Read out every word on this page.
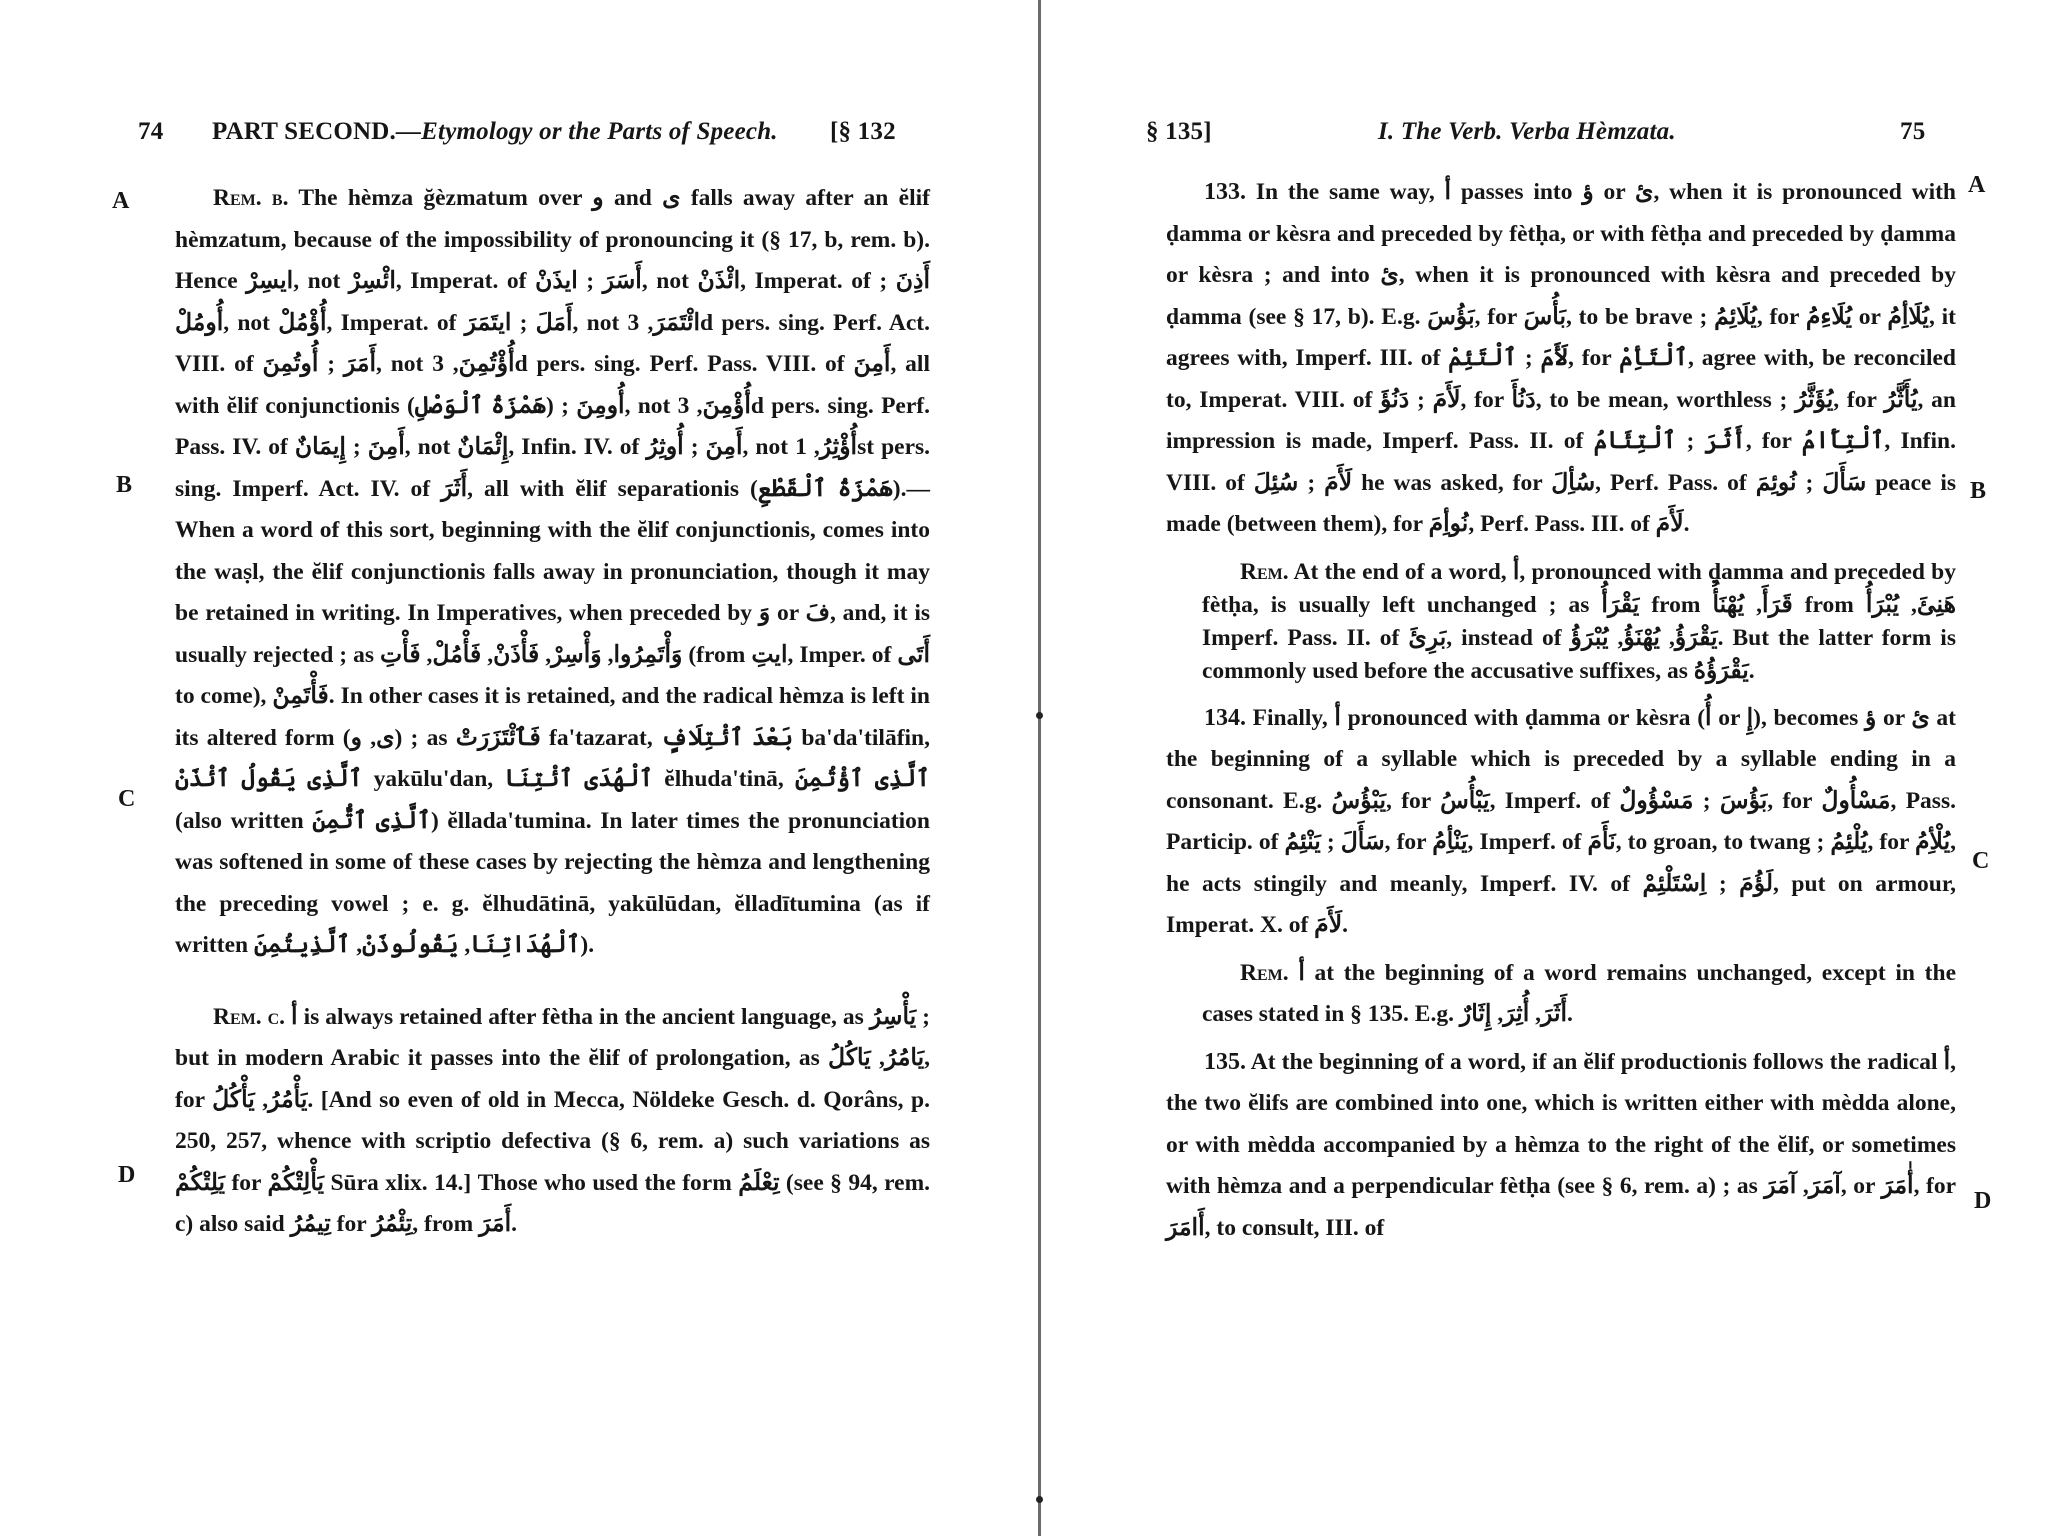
74 PART SECOND.—Etymology or the Parts of Speech. [§ 132
A
B
C
D

Rem. b. The hèmza ğèzmatum over و and ى falls away after an ĕlif hèmzatum, because of the impossibility of pronouncing it (§ 17, b, rem. b). Hence ايسِرْ, not ائْسِرْ, Imperat. of أَسَرَ ; ايذَنْ, not ائْذَنْ, Imperat. of أَذِنَ ; أُومُلْ, not أُؤْمُلْ, Imperat. of أَمَلَ ; ايتَمَرَ, not ائْتَمَرَ, 3d pers. sing. Perf. Act. VIII. of أَمَرَ ; أُوتُمِنَ, not أُؤْتُمِنَ, 3d pers. sing. Perf. Pass. VIII. of أَمِنَ, all with ĕlif conjunctionis (هَمْزَةُ ٱلْوَصْلِ) ; أُومِنَ, not أُؤْمِنَ, 3d pers. sing. Perf. Pass. IV. of أَمِنَ ; إِيمَانٌ, not إِئْمَانٌ, Infin. IV. of أَمِنَ ; أُوثِرُ, not أُؤْثِرُ, 1st pers. sing. Imperf. Act. IV. of أَثَرَ, all with ĕlif separationis (هَمْزَةُ ٱلْقَطْعِ).—When a word of this sort, beginning with the ĕlif conjunctionis, comes into the waṣl, the ĕlif conjunctionis falls away in pronunciation, though it may be retained in writing. In Imperatives, when preceded by وَ or فَ, and, it is usually rejected ; as وَأْتَمِرُوا, وَأْسِرْ, فَأْذَنْ, فَأْمُلْ, فَأْتِ (from ايتِ, Imper. of أَتَى to come), فَأْتَمِنْ. In other cases it is retained, and the radical hèmza is left in its altered form (ى, و) ; as فَٱئْتَزَرَتْ fa'tazarat, بَعْدَ ٱئْتِلَافٍ ba'da'tilāfin, ٱلَّذِى يَقُولُ ٱئْذَنْ yakūlu'dan, ٱلْهُدَى ٱئْتِنَا ĕlhuda'tinā, ٱلَّذِى ٱؤْتُمِنَ (also written ٱلَّذِى ٱتُّمِنَ) ĕllada'tumina. In later times the pronunciation was softened in some of these cases by rejecting the hèmza and lengthening the preceding vowel ; e. g. ĕlhudātinā, yakūlūdan, ĕlladītumina (as if written ٱلْهُدَاتِنَا, يَقُولُوذَنْ, ٱلَّذِيتُمِنَ).

Rem. c. أ is always retained after fètha in the ancient language, as يَأْسِرُ ; but in modern Arabic it passes into the ĕlif of prolongation, as يَامُرُ, يَاكُلُ, for يَأْمُرُ, يَأْكُلُ. [And so even of old in Mecca, Nöldeke Gesch. d. Qorâns, p. 250, 257, whence with scriptio defectiva (§ 6, rem. a) such variations as يَلِتْكُمْ for يَأْلِتْكُمْ Sūra xlix. 14.] Those who used the form تِعْلَمُ (see § 94, rem. c) also said تِيمُرُ for تِئْمُرُ, from أَمَرَ.

§ 135]	I. The Verb. Verba Hèmzata.	75
A
B
C
D

133. In the same way, أ passes into ؤ or ئ, when it is pronounced with ḍamma or kèsra and preceded by fètḥa, or with fètḥa and preceded by ḍamma or kèsra ; and into ئ, when it is pronounced with kèsra and preceded by ḍamma (see § 17, b). E.g. بَؤُسَ, for بَأُسَ, to be brave ; يُلَائِمُ, for يُلَاءِمُ or يُلَاأِمُ, it agrees with, Imperf. III. of لَأَمَ ; ٱلْتَئِمْ, for ٱلْتَأِمْ, agree with, be reconciled to, Imperat. VIII. of لَأَمَ ; دَنُؤَ, for دَنُأَ, to be mean, worthless ; يُؤَثَّرُ, for يُأَثَّرُ, an impression is made, Imperf. Pass. II. of أَثَرَ ; ٱلْتِئَامُ, for ٱلْتِأَامُ, Infin. VIII. of لَأَمَ ; سُئِلَ he was asked, for سُأِلَ, Perf. Pass. of سَأَلَ ; نُوئِمَ peace is made (between them), for نُوأِمَ, Perf. Pass. III. of لَأَمَ.

Rem. At the end of a word, أ, pronounced with ḍamma and preceded by fètḥa, is usually left unchanged ; as يَقْرَأُ from قَرَأَ, يُهْنَأُ from هَنِئَ, يُبْرَأُ Imperf. Pass. II. of بَرِئَ, instead of يَقْرَؤُ, يُهْنَؤُ, يُبْرَؤُ. But the latter form is commonly used before the accusative suffixes, as يَقْرَؤُهُ.

134. Finally, أ pronounced with ḍamma or kèsra (أُ or إِ), becomes ؤ or ئ at the beginning of a syllable which is preceded by a syllable ending in a consonant. E.g. يَبْؤُسُ, for يَبْأُسُ, Imperf. of بَؤُسَ ; مَسْؤُولٌ, for مَسْأُولٌ, Pass. Particip. of سَأَلَ ; يَنْئِمُ, for يَنْأِمُ, Imperf. of نَأَمَ, to groan, to twang ; يُلْئِمُ, for يُلْأِمُ, he acts stingily and meanly, Imperf. IV. of لَؤُمَ ; اِسْتَلْئِمْ, put on armour, Imperat. X. of لَأَمَ.

Rem. أ at the beginning of a word remains unchanged, except in the cases stated in § 135. E.g. أَثَرَ, أُثِرَ, إِثَارٌ.

135. At the beginning of a word, if an ĕlif productionis follows the radical أ, the two ĕlifs are combined into one, which is written either with mèdda alone, or with mèdda accompanied by a hèmza to the right of the ĕlif, or sometimes with hèmza and a perpendicular fètḥa (see § 6, rem. a) ; as آمَرَ, آمَرَ, or أٰمَرَ, for أَامَرَ, to consult, III. of
